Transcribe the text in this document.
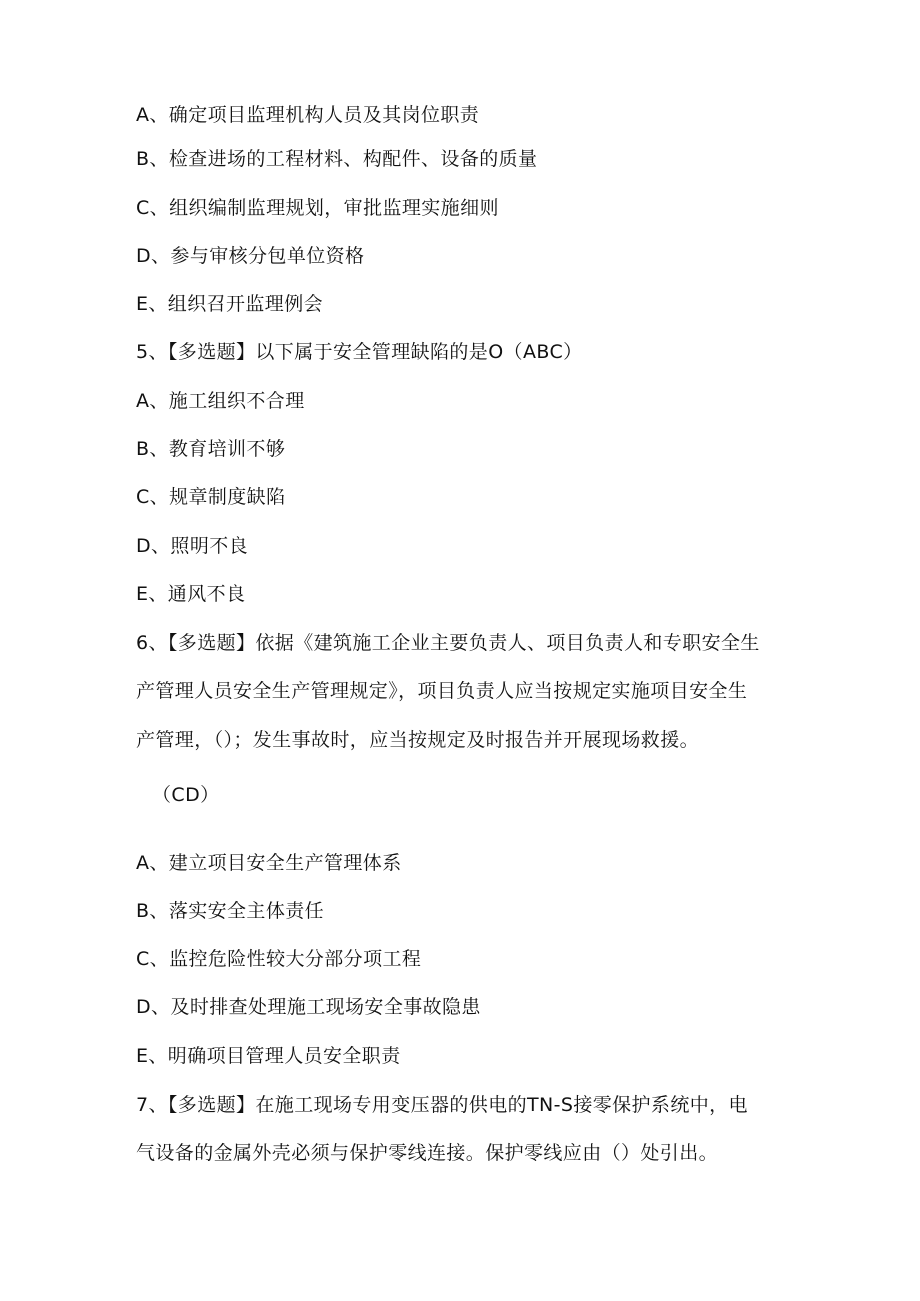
A、确定项目监理机构人员及其岗位职责
B、检查进场的工程材料、构配件、设备的质量
C、组织编制监理规划，审批监理实施细则
D、参与审核分包单位资格
E、组织召开监理例会
5、【多选题】以下属于安全管理缺陷的是O（ABC）
A、施工组织不合理
B、教育培训不够
C、规章制度缺陷
D、照明不良
E、通风不良
6、【多选题】依据《建筑施工企业主要负责人、项目负责人和专职安全生
产管理人员安全生产管理规定》，项目负责人应当按规定实施项目安全生
产管理，（）；发生事故时，应当按规定及时报告并开展现场救援。
（CD）
A、建立项目安全生产管理体系
B、落实安全主体责任
C、监控危险性较大分部分项工程
D、及时排查处理施工现场安全事故隐患
E、明确项目管理人员安全职责
7、【多选题】在施工现场专用变压器的供电的TN-S接零保护系统中，电
气设备的金属外壳必须与保护零线连接。保护零线应由（）处引出。
